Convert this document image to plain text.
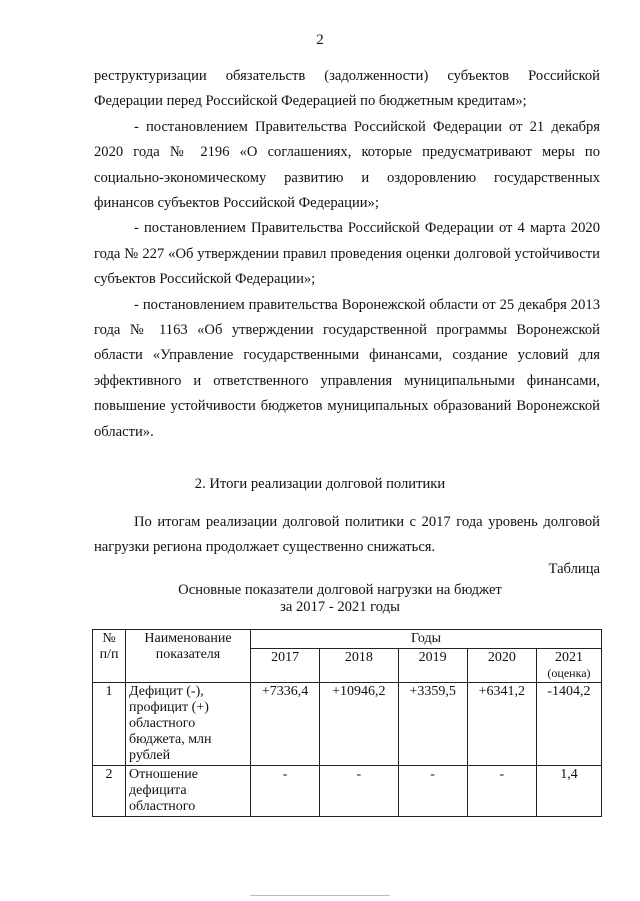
2

реструктуризации обязательств (задолженности) субъектов Российской Федерации перед Российской Федерацией по бюджетным кредитам»;

- постановлением Правительства Российской Федерации от 21 декабря 2020 года № 2196 «О соглашениях, которые предусматривают меры по социально-экономическому развитию и оздоровлению государственных финансов субъектов Российской Федерации»;

- постановлением Правительства Российской Федерации от 4 марта 2020 года № 227 «Об утверждении правил проведения оценки долговой устойчивости субъектов Российской Федерации»;

- постановлением правительства Воронежской области от 25 декабря 2013 года № 1163 «Об утверждении государственной программы Воронежской области «Управление государственными финансами, создание условий для эффективного и ответственного управления муниципальными финансами, повышение устойчивости бюджетов муниципальных образований Воронежской области».

2. Итоги реализации долговой политики

По итогам реализации долговой политики с 2017 года уровень долговой нагрузки региона продолжает существенно снижаться.

Таблица
Основные показатели долговой нагрузки на бюджет
за 2017 - 2021 годы
№ п/п	Наименование показателя	Годы				
		2017	2018	2019	2020	2021
(оценка)

1	Дефицит (-), профицит (+) областного бюджета, млн рублей	+7336,4	+10946,2	+3359,5	+6341,2	-1404,2
2	Отношение дефицита областного	-	-	-	-	1,4
